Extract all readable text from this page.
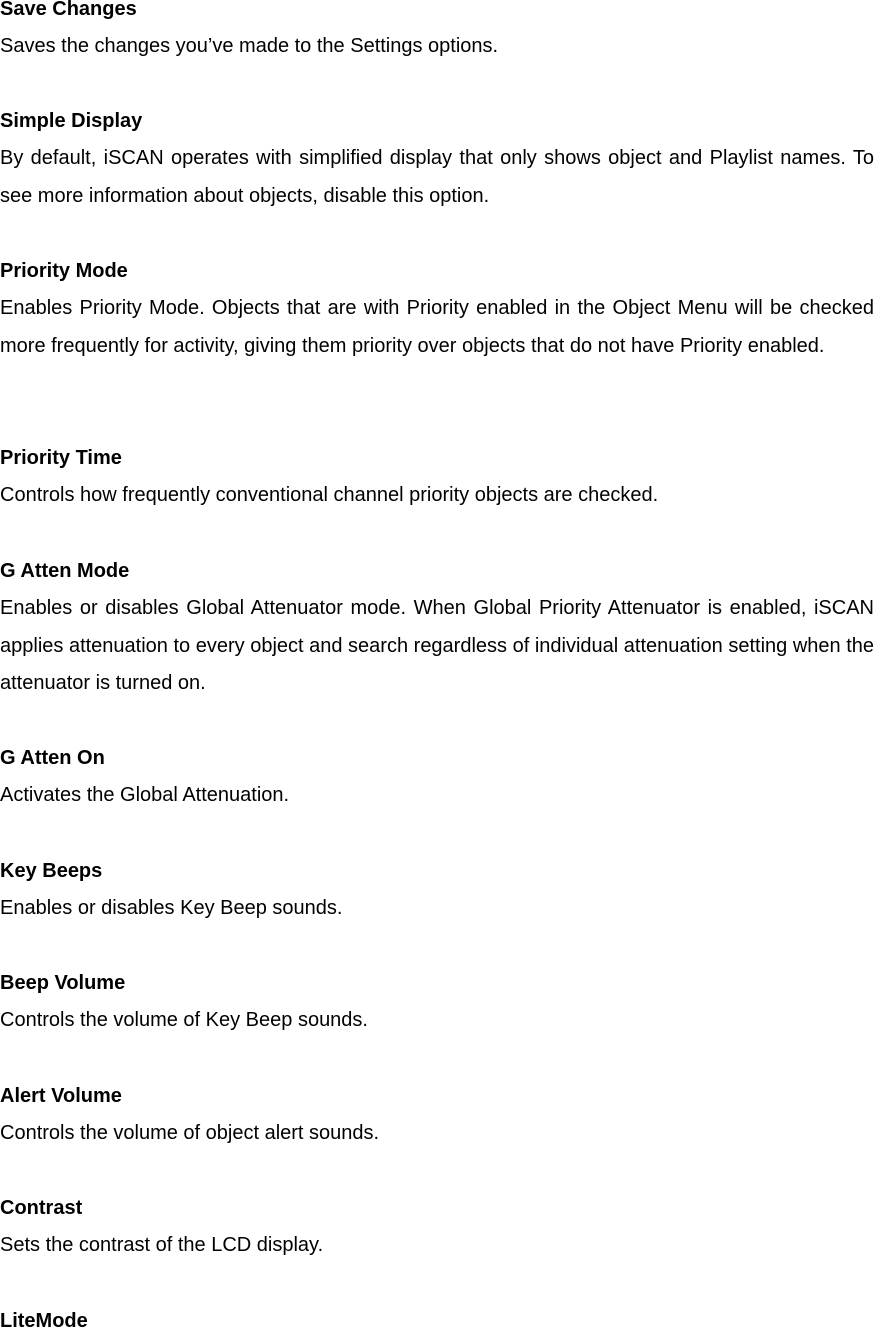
Save Changes

Saves the changes you’ve made to the Settings options.

Simple Display

By default, iSCAN operates with simplified display that only shows object and Playlist names. To see more information about objects, disable this option.

Priority Mode

Enables Priority Mode. Objects that are with Priority enabled in the Object Menu will be checked more frequently for activity, giving them priority over objects that do not have Priority enabled.

Priority Time

Controls how frequently conventional channel priority objects are checked.

G Atten Mode

Enables or disables Global Attenuator mode. When Global Priority Attenuator is enabled, iSCAN applies attenuation to every object and search regardless of individual attenuation setting when the attenuator is turned on.

G Atten On

Activates the Global Attenuation.

Key Beeps

Enables or disables Key Beep sounds.

Beep Volume

Controls the volume of Key Beep sounds.

Alert Volume

Controls the volume of object alert sounds.

Contrast

Sets the contrast of the LCD display.

LiteMode
